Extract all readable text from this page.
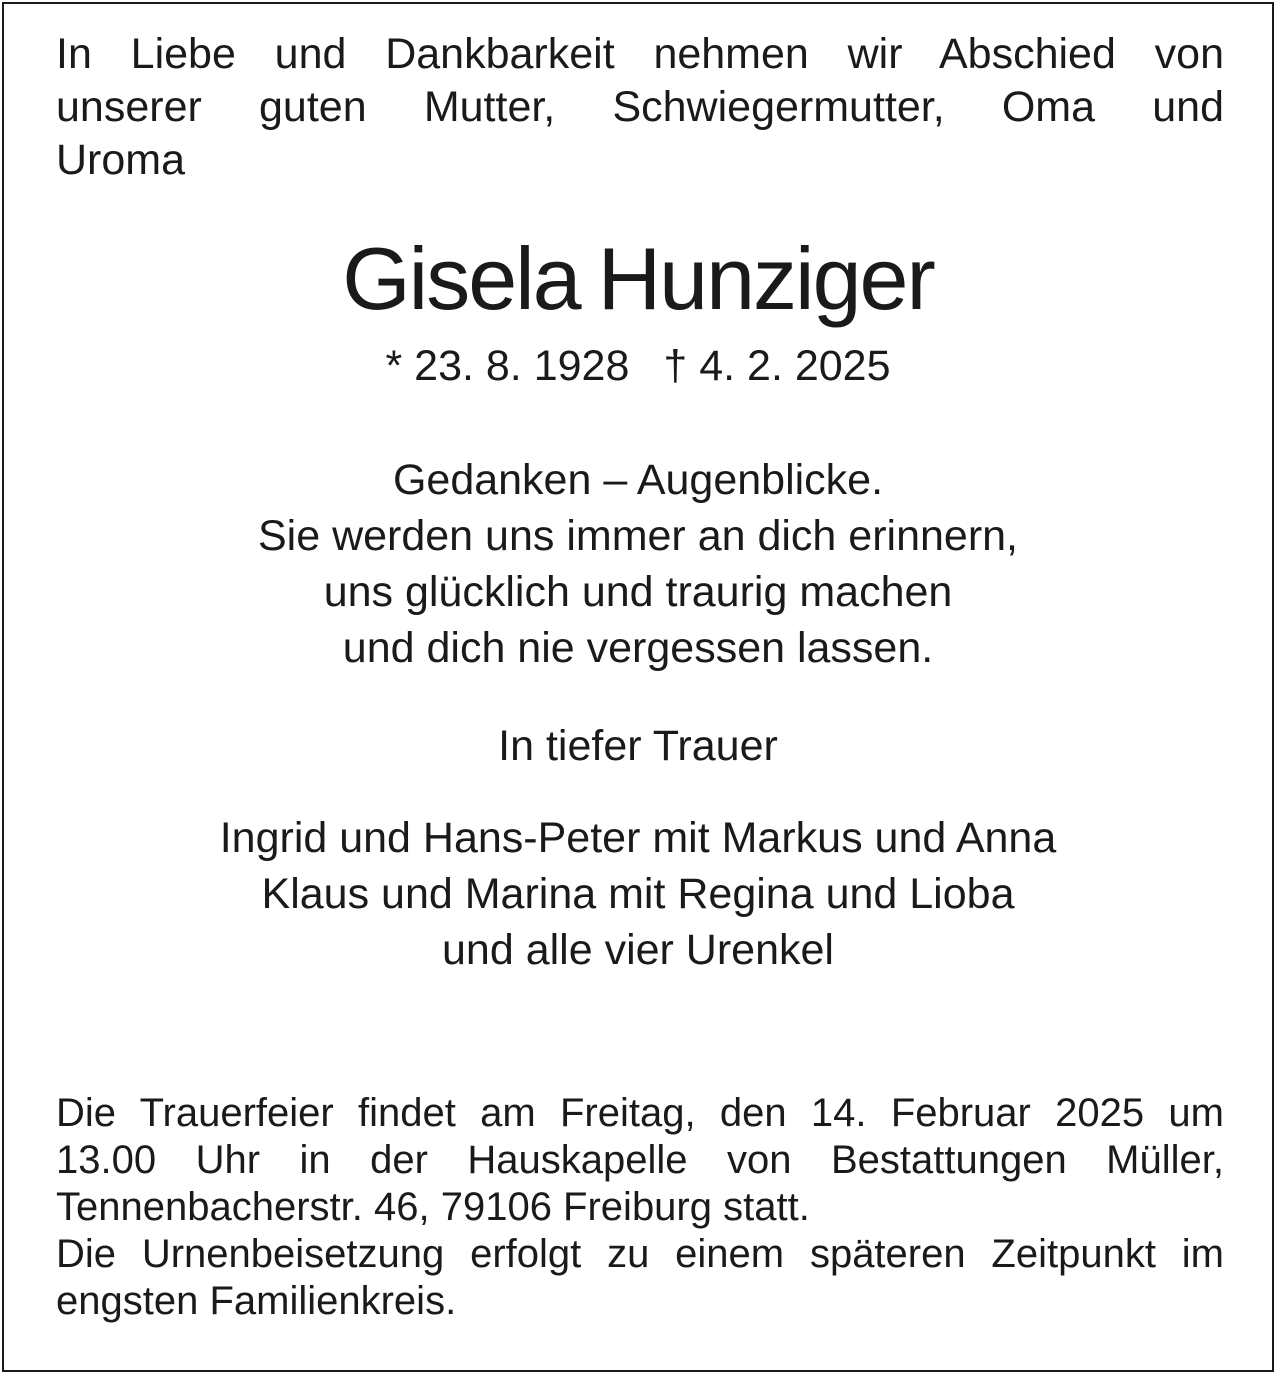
In Liebe und Dankbarkeit nehmen wir Abschied von
unserer guten Mutter, Schwiegermutter, Oma und
Uroma
Gisela Hunziger
* 23. 8. 1928 † 4. 2. 2025
Gedanken – Augenblicke.
Sie werden uns immer an dich erinnern,
uns glücklich und traurig machen
und dich nie vergessen lassen.
In tiefer Trauer
Ingrid und Hans-Peter mit Markus und Anna
Klaus und Marina mit Regina und Lioba
und alle vier Urenkel
Die Trauerfeier findet am Freitag, den 14. Februar 2025 um
13.00 Uhr in der Hauskapelle von Bestattungen Müller,
Tennenbacherstr. 46, 79106 Freiburg statt.
Die Urnenbeisetzung erfolgt zu einem späteren Zeitpunkt im
engsten Familienkreis.
